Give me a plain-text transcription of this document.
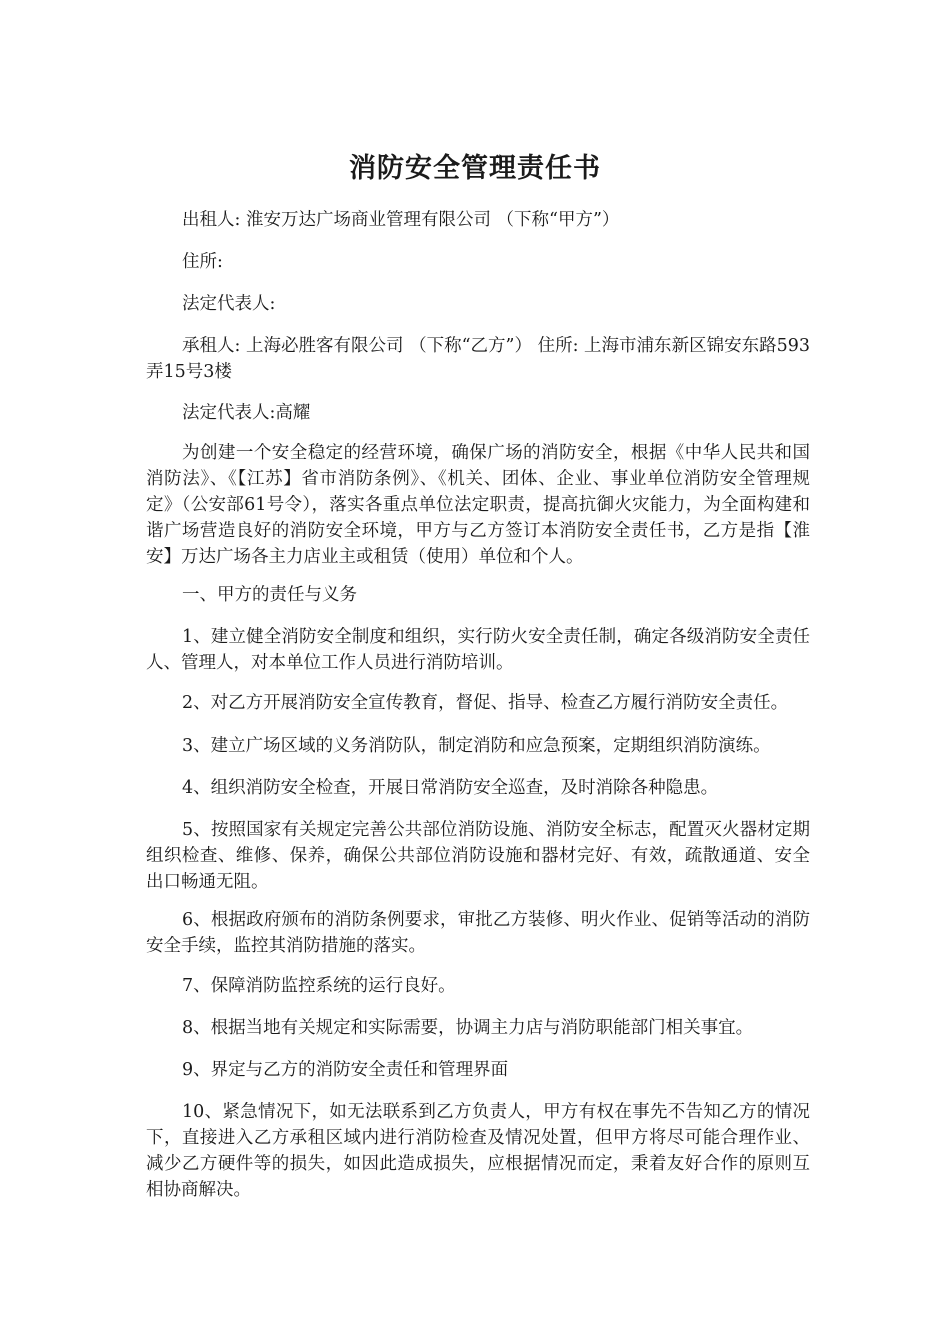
消防安全管理责任书

出租人: 淮安万达广场商业管理有限公司 （下称“甲方”）

住所:

法定代表人:

承租人: 上海必胜客有限公司 （下称“乙方”） 住所: 上海市浦东新区锦安东路593弄15号3楼

法定代表人:高耀

为创建一个安全稳定的经营环境，确保广场的消防安全，根据《中华人民共和国消防法》、《【江苏】省市消防条例》、《机关、团体、企业、事业单位消防安全管理规定》（公安部61号令），落实各重点单位法定职责，提高抗御火灾能力，为全面构建和谐广场营造良好的消防安全环境，甲方与乙方签订本消防安全责任书，乙方是指【淮安】万达广场各主力店业主或租赁（使用）单位和个人。

一、甲方的责任与义务

1、建立健全消防安全制度和组织，实行防火安全责任制，确定各级消防安全责任人、管理人，对本单位工作人员进行消防培训。

2、对乙方开展消防安全宣传教育，督促、指导、检查乙方履行消防安全责任。

3、建立广场区域的义务消防队，制定消防和应急预案，定期组织消防演练。

4、组织消防安全检查，开展日常消防安全巡查，及时消除各种隐患。

5、按照国家有关规定完善公共部位消防设施、消防安全标志，配置灭火器材定期组织检查、维修、保养，确保公共部位消防设施和器材完好、有效，疏散通道、安全出口畅通无阻。

6、根据政府颁布的消防条例要求，审批乙方装修、明火作业、促销等活动的消防安全手续，监控其消防措施的落实。

7、保障消防监控系统的运行良好。

8、根据当地有关规定和实际需要，协调主力店与消防职能部门相关事宜。

9、界定与乙方的消防安全责任和管理界面

10、紧急情况下，如无法联系到乙方负责人，甲方有权在事先不告知乙方的情况下，直接进入乙方承租区域内进行消防检查及情况处置，但甲方将尽可能合理作业、减少乙方硬件等的损失，如因此造成损失，应根据情况而定，秉着友好合作的原则互相协商解决。
